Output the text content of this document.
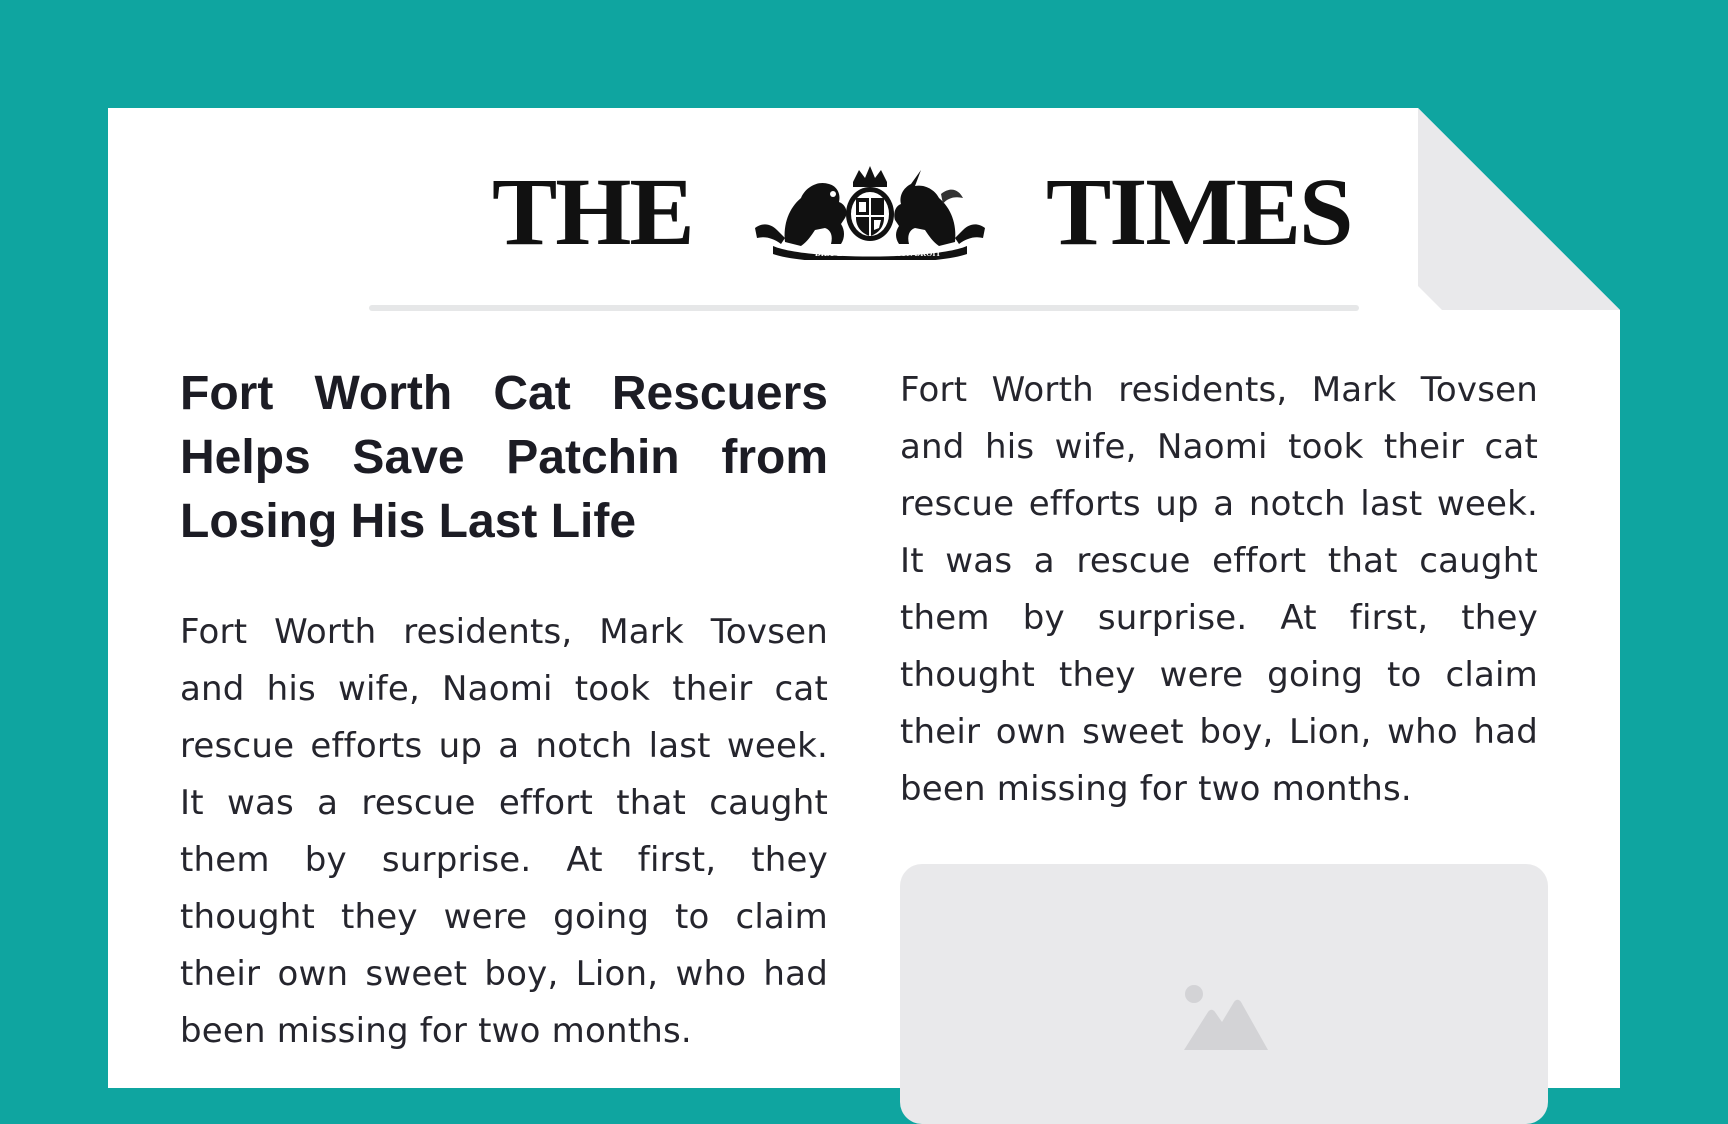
THE	DIEU ET	MON DROIT TIMES
Fort Worth Cat Rescuers Helps Save Patchin from Losing His Last Life

Fort Worth residents, Mark Tovsen and his wife, Naomi took their cat rescue efforts up a notch last week. It was a rescue effort that caught them by surprise. At first, they thought they were going to claim their own sweet boy, Lion, who had been missing for two months.

Fort Worth residents, Mark Tovsen and his wife, Naomi took their cat rescue efforts up a notch last week. It was a rescue effort that caught them by surprise. At first, they thought they were going to claim their own sweet boy, Lion, who had been missing for two months.
